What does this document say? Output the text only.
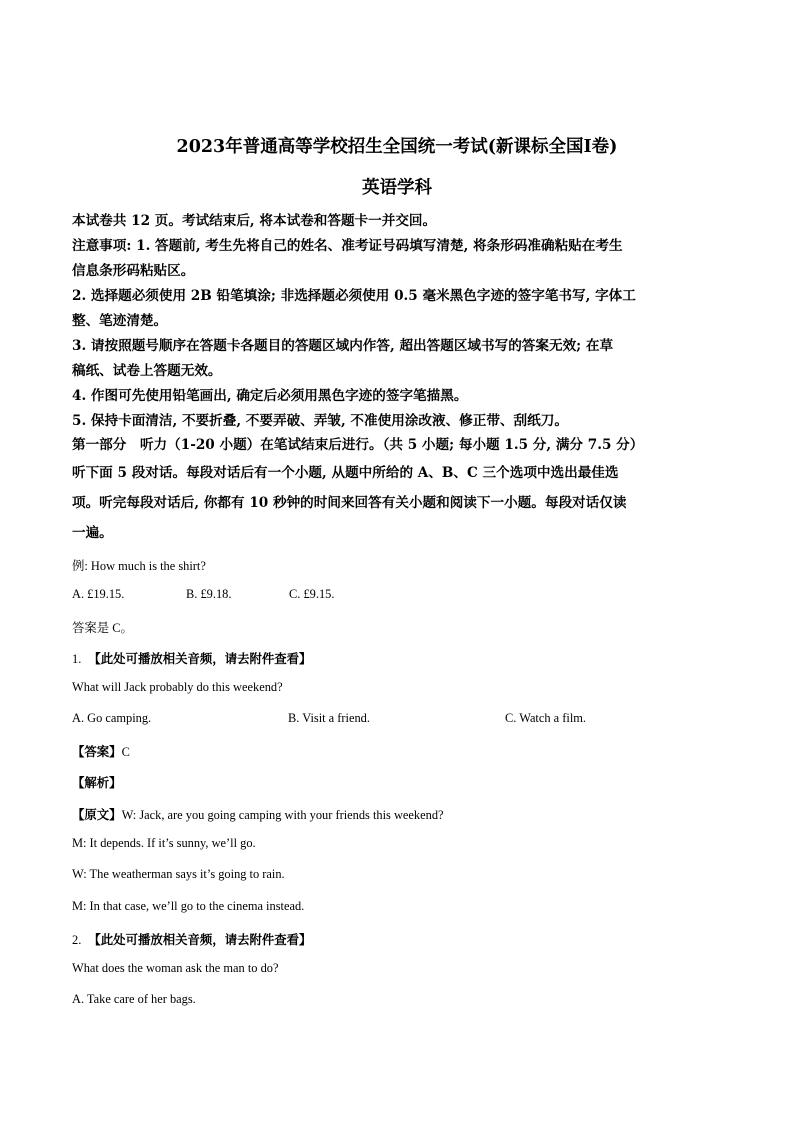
2023年普通高等学校招生全国统一考试(新课标全国Ⅰ卷)
英语学科
本试卷共 12 页。考试结束后, 将本试卷和答题卡一并交回。
注意事项: 1. 答题前, 考生先将自己的姓名、准考证号码填写清楚, 将条形码准确粘贴在考生
信息条形码粘贴区。
2. 选择题必须使用 2B 铅笔填涂; 非选择题必须使用 0.5 毫米黑色字迹的签字笔书写, 字体工
整、笔迹清楚。
3. 请按照题号顺序在答题卡各题目的答题区域内作答, 超出答题区域书写的答案无效; 在草
稿纸、试卷上答题无效。
4. 作图可先使用铅笔画出, 确定后必须用黑色字迹的签字笔描黑。
5. 保持卡面清洁, 不要折叠, 不要弄破、弄皱, 不准使用涂改液、修正带、刮纸刀。
第一部分　听力（1-20 小题）在笔试结束后进行。（共 5 小题; 每小题 1.5 分, 满分 7.5 分）
听下面 5 段对话。每段对话后有一个小题, 从题中所给的 A、B、C 三个选项中选出最佳选
项。听完每段对话后, 你都有 10 秒钟的时间来回答有关小题和阅读下一小题。每段对话仅读
一遍。
例: How much is the shirt?
A. £19.15.	B. £9.18.	C. £9.15.
答案是 C。
1. 【此处可播放相关音频，请去附件查看】
What will Jack probably do this weekend?
A. Go camping.	B. Visit a friend.	C. Watch a film.
【答案】C
【解析】
【原文】W: Jack, are you going camping with your friends this weekend?
M: It depends. If it’s sunny, we’ll go.
W: The weatherman says it’s going to rain.
M: In that case, we’ll go to the cinema instead.
2. 【此处可播放相关音频，请去附件查看】
What does the woman ask the man to do?
A. Take care of her bags.
